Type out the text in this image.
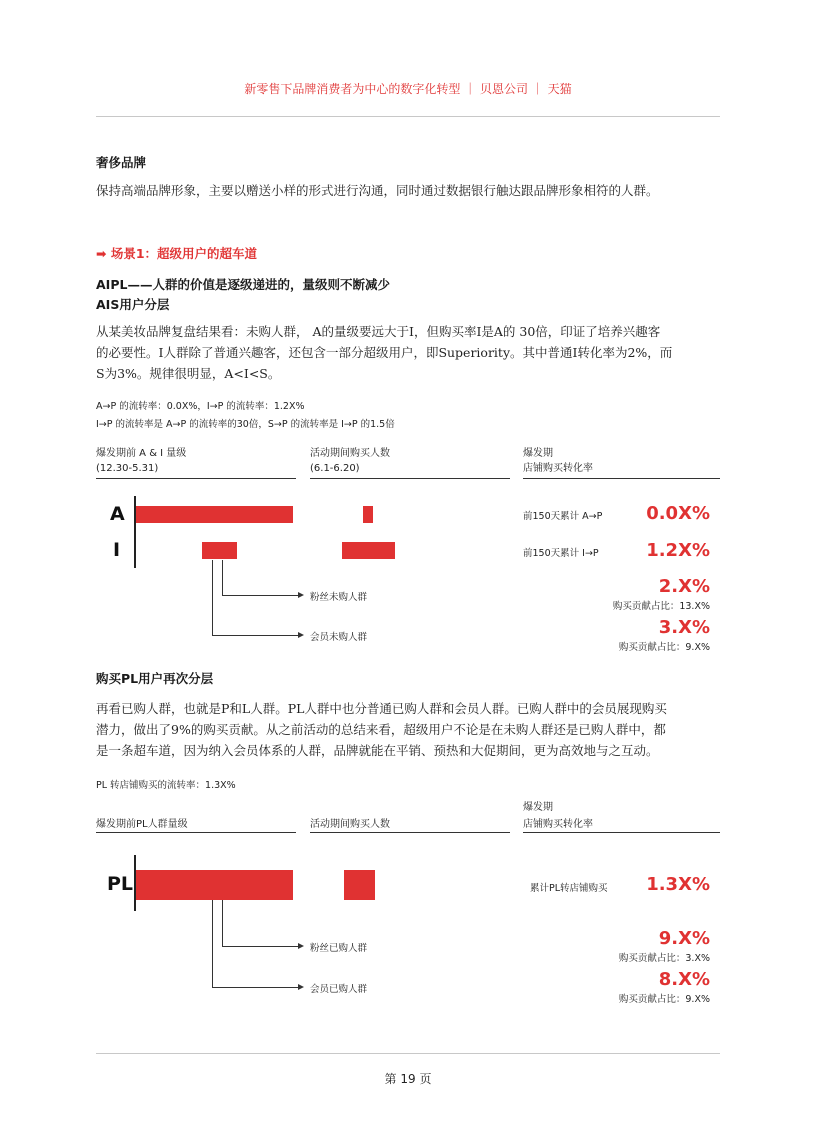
新零售下品牌消费者为中心的数字化转型 ｜ 贝恩公司 ｜ 天猫
奢侈品牌
保持高端品牌形象，主要以赠送小样的形式进行沟通，同时通过数据银行触达跟品牌形象相符的人群。
➡ 场景1：超级用户的超车道
AIPL——人群的价值是逐级递进的，量级则不断减少
AIS用户分层
从某美妆品牌复盘结果看：未购人群， A的量级要远大于I，但购买率I是A的 30倍，印证了培养兴趣客
的必要性。I人群除了普通兴趣客，还包含一部分超级用户，即Superiority。其中普通I转化率为2%，而
S为3%。规律很明显，A<I<S。
A→P 的流转率：0.0X%，I→P 的流转率：1.2X%
I→P 的流转率是 A→P 的流转率的30倍，S→P 的流转率是 I→P 的1.5倍
爆发期前 A & I 量级
(12.30-5.31)
活动期间购买人数
(6.1-6.20)
爆发期
店铺购买转化率
A
I
前150天累计 A→P	0.0X%
前150天累计 I→P	1.2X%
粉丝未购人群
会员未购人群
2.X%
购买贡献占比：13.X%
3.X%
购买贡献占比：9.X%
购买PL用户再次分层
再看已购人群，也就是P和L人群。PL人群中也分普通已购人群和会员人群。已购人群中的会员展现购买
潜力，做出了9%的购买贡献。从之前活动的总结来看，超级用户不论是在未购人群还是已购人群中，都
是一条超车道，因为纳入会员体系的人群，品牌就能在平销、预热和大促期间，更为高效地与之互动。
PL 转店铺购买的流转率：1.3X%
爆发期前PL人群量级	活动期间购买人数
爆发期
店铺购买转化率
PL	累计PL转店铺购买	1.3X%
粉丝已购人群
会员已购人群
9.X%
购买贡献占比：3.X%
8.X%
购买贡献占比：9.X%
第 19 页
